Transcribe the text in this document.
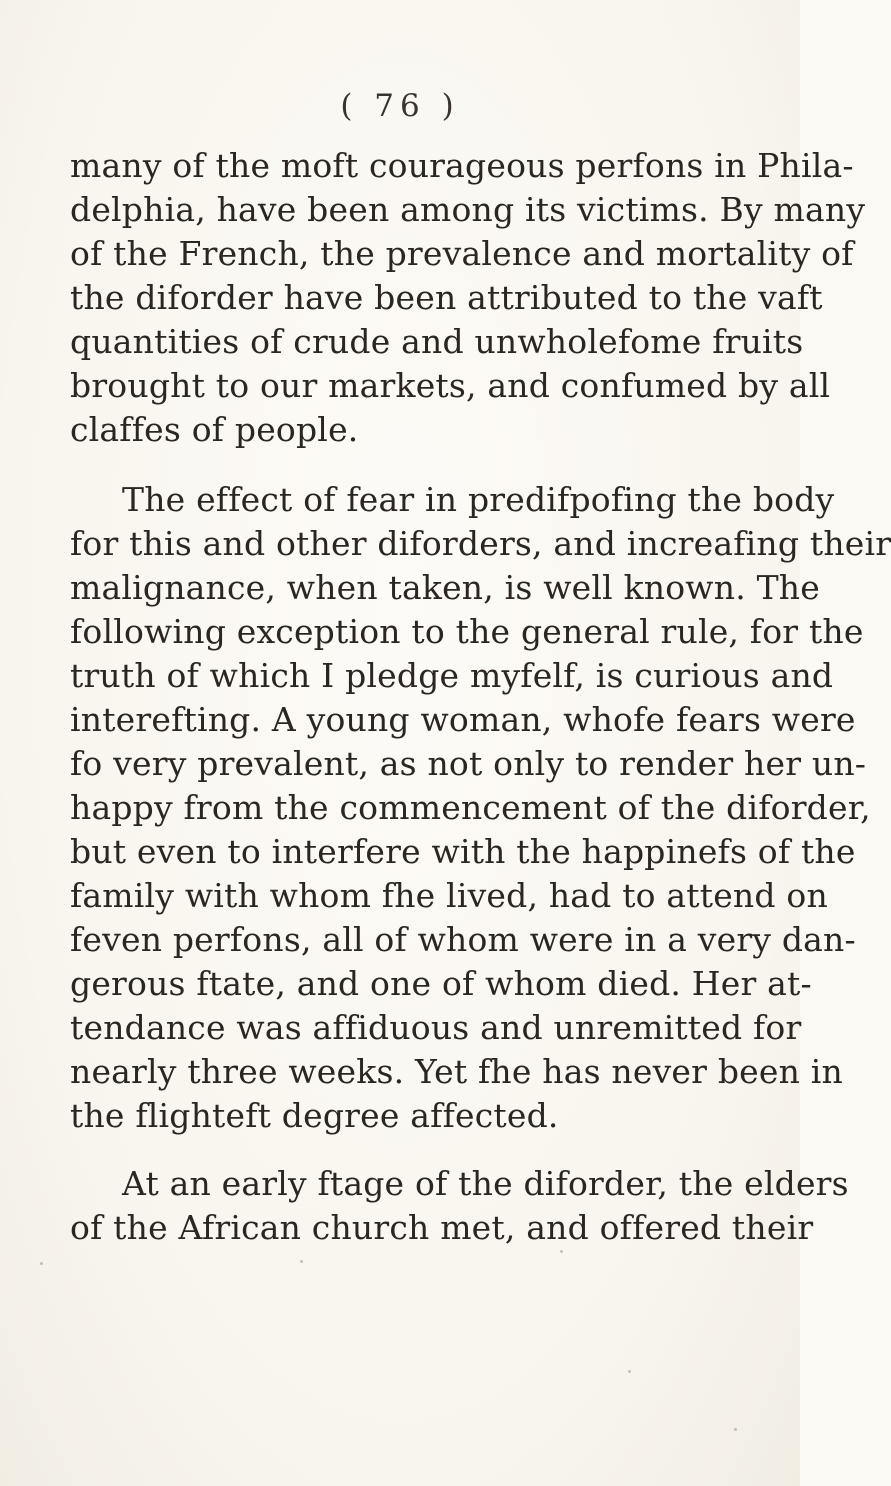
( 76 )
many of the moft courageous perfons in Phila-
delphia, have been among its victims. By many
of the French, the prevalence and mortality of
the diforder have been attributed to the vaft
quantities of crude and unwholefome fruits
brought to our markets, and confumed by all
claffes of people.
The effect of fear in predifpofing the body
for this and other diforders, and increafing their
malignance, when taken, is well known. The
following exception to the general rule, for the
truth of which I pledge myfelf, is curious and
interefting. A young woman, whofe fears were
fo very prevalent, as not only to render her un-
happy from the commencement of the diforder,
but even to interfere with the happinefs of the
family with whom fhe lived, had to attend on
feven perfons, all of whom were in a very dan-
gerous ftate, and one of whom died. Her at-
tendance was affiduous and unremitted for
nearly three weeks. Yet fhe has never been in
the flighteft degree affected.
At an early ftage of the diforder, the elders
of the African church met, and offered their
